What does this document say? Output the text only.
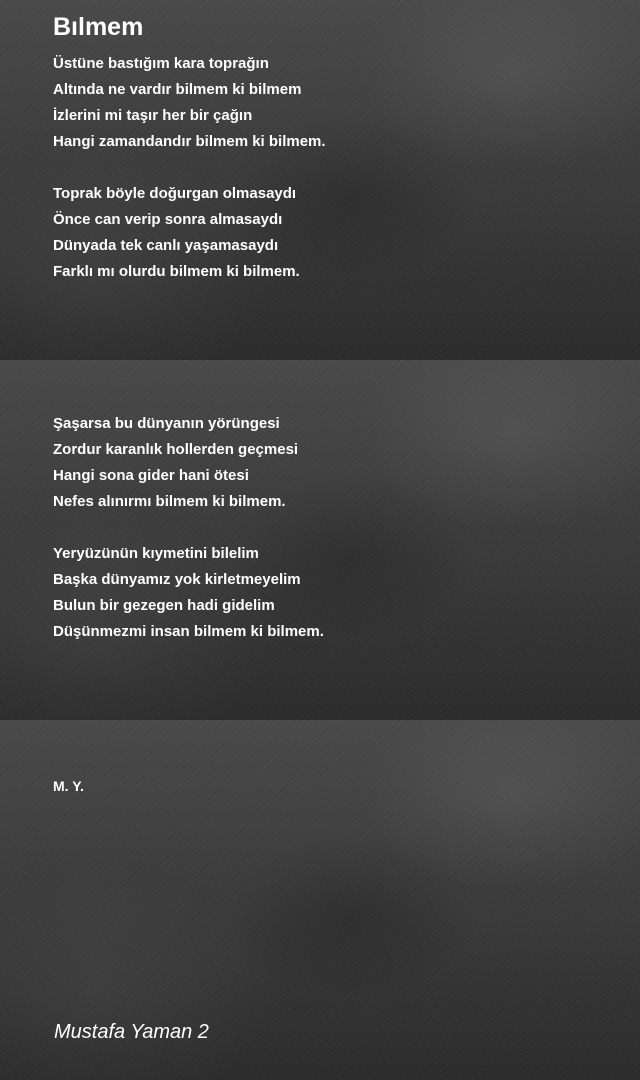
Bılmem
Üstüne bastığım kara toprağın
Altında ne vardır bilmem ki bilmem
İzlerini mi taşır her bir çağın
Hangi zamandandır bilmem ki bilmem.
Toprak böyle doğurgan olmasaydı
Önce can verip sonra almasaydı
Dünyada tek canlı yaşamasaydı
Farklı mı olurdu bilmem ki bilmem.
Şaşarsa bu dünyanın yörüngesi
Zordur karanlık hollerden geçmesi
Hangi sona gider hani ötesi
Nefes alınırmı bilmem ki bilmem.
Yeryüzünün kıymetini bilelim
Başka dünyamız yok kirletmeyelim
Bulun bir gezegen hadi gidelim
Düşünmezmi insan bilmem ki bilmem.
M. Y.
Mustafa Yaman 2
